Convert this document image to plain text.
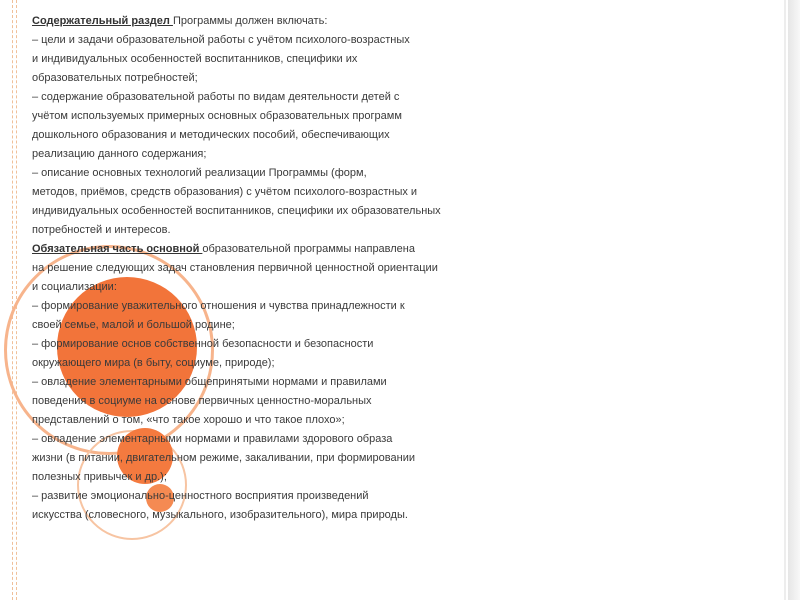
Содержательный раздел Программы должен включать:
– цели и задачи образовательной работы с учётом психолого-возрастных
и индивидуальных особенностей воспитанников, специфики их
образовательных потребностей;
– содержание образовательной работы по видам деятельности детей с
учётом используемых примерных основных образовательных программ
дошкольного образования и методических пособий, обеспечивающих
реализацию данного содержания;
– описание основных технологий реализации Программы (форм,
методов, приёмов, средств образования) с учётом психолого-возрастных и
индивидуальных особенностей воспитанников, специфики их образовательных
потребностей и интересов.
Обязательная часть основной образовательной программы направлена
на решение следующих задач становления первичной ценностной ориентации
и социализации:
– формирование уважительного отношения и чувства принадлежности к
своей семье, малой и большой родине;
– формирование основ собственной безопасности и безопасности
окружающего мира (в быту, социуме, природе);
– овладение элементарными общепринятыми нормами и правилами
поведения в социуме на основе первичных ценностно-моральных
представлений о том, «что такое хорошо и что такое плохо»;
– овладение элементарными нормами и правилами здорового образа
жизни (в питании, двигательном режиме, закаливании, при формировании
полезных привычек и др.);
– развитие эмоционально-ценностного восприятия произведений
искусства (словесного, музыкального, изобразительного), мира природы.
